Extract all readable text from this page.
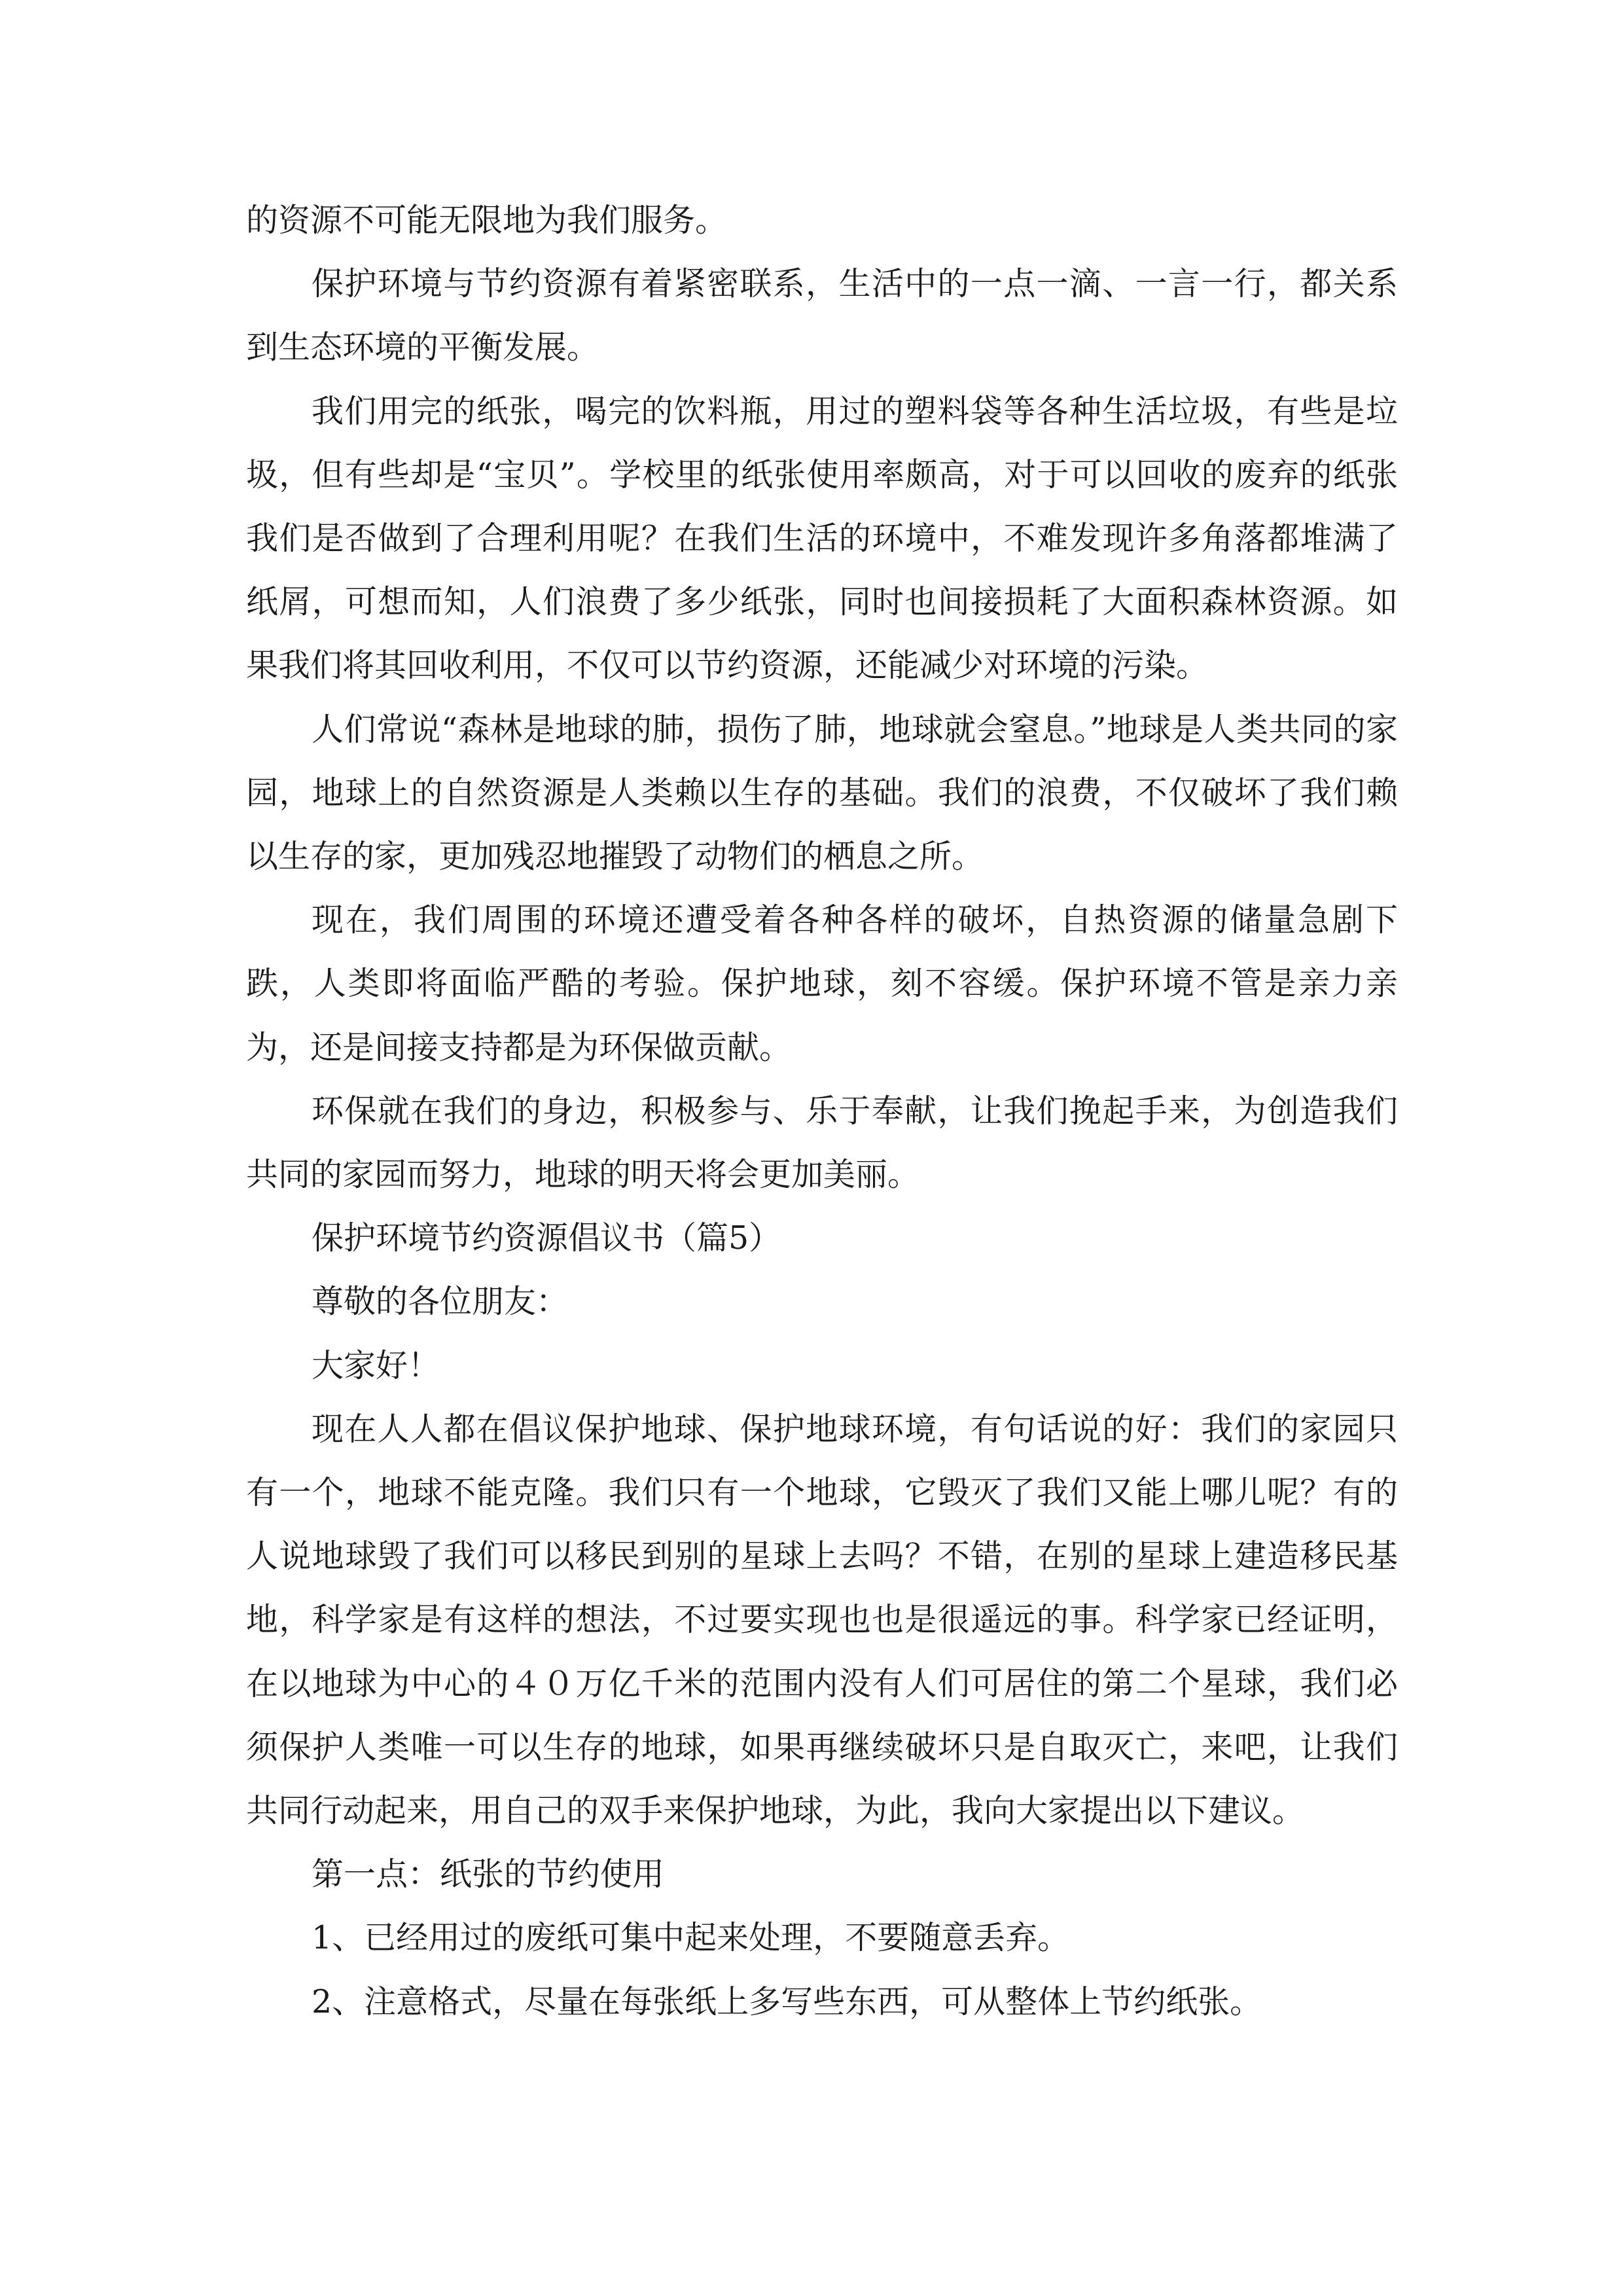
的资源不可能无限地为我们服务。

保护环境与节约资源有着紧密联系，生活中的一点一滴、一言一行，都关系到生态环境的平衡发展。

我们用完的纸张，喝完的饮料瓶，用过的塑料袋等各种生活垃圾，有些是垃圾，但有些却是“宝贝”。学校里的纸张使用率颇高，对于可以回收的废弃的纸张我们是否做到了合理利用呢？在我们生活的环境中，不难发现许多角落都堆满了纸屑，可想而知，人们浪费了多少纸张，同时也间接损耗了大面积森林资源。如果我们将其回收利用，不仅可以节约资源，还能减少对环境的污染。

人们常说“森林是地球的肺，损伤了肺，地球就会窒息。”地球是人类共同的家园，地球上的自然资源是人类赖以生存的基础。我们的浪费，不仅破坏了我们赖以生存的家，更加残忍地摧毁了动物们的栖息之所。

现在，我们周围的环境还遭受着各种各样的破坏，自热资源的储量急剧下跌，人类即将面临严酷的考验。保护地球，刻不容缓。保护环境不管是亲力亲为，还是间接支持都是为环保做贡献。

环保就在我们的身边，积极参与、乐于奉献，让我们挽起手来，为创造我们共同的家园而努力，地球的明天将会更加美丽。

保护环境节约资源倡议书（篇5）

尊敬的各位朋友：

大家好！

现在人人都在倡议保护地球、保护地球环境，有句话说的好：我们的家园只有一个，地球不能克隆。我们只有一个地球，它毁灭了我们又能上哪儿呢？有的人说地球毁了我们可以移民到别的星球上去吗？不错，在别的星球上建造移民基地，科学家是有这样的想法，不过要实现也也是很遥远的事。科学家已经证明，在以地球为中心的４０万亿千米的范围内没有人们可居住的第二个星球，我们必须保护人类唯一可以生存的地球，如果再继续破坏只是自取灭亡，来吧，让我们共同行动起来，用自己的双手来保护地球，为此，我向大家提出以下建议。

第一点：纸张的节约使用

1、已经用过的废纸可集中起来处理，不要随意丢弃。

2、注意格式，尽量在每张纸上多写些东西，可从整体上节约纸张。
